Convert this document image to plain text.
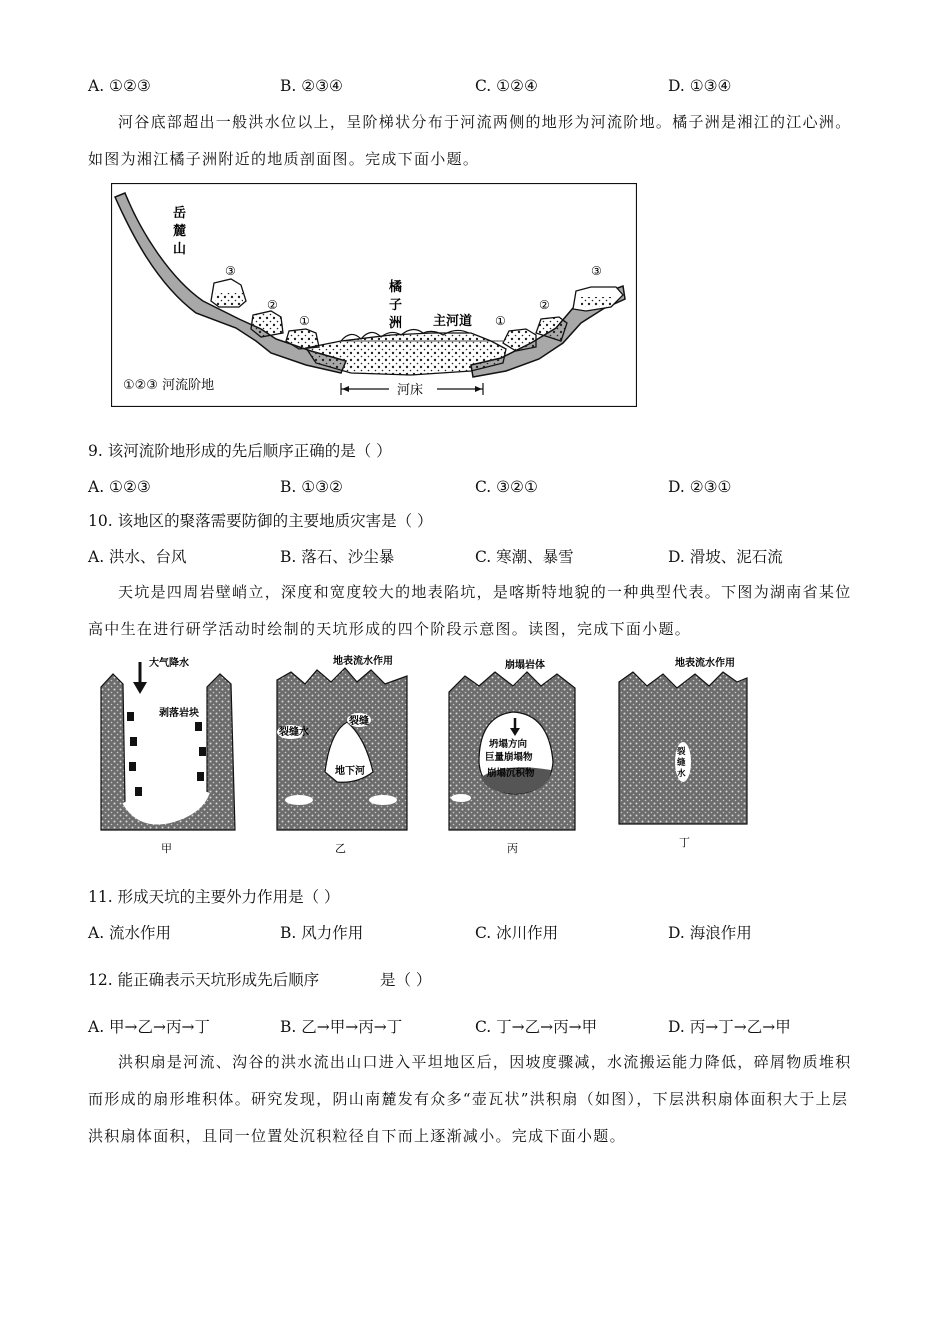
A. ①②③	B. ②③④	C. ①②④	D. ①③④
河谷底部超出一般洪水位以上，呈阶梯状分布于河流两侧的地形为河流阶地。橘子洲是湘江的江心洲。如图为湘江橘子洲附近的地质剖面图。完成下面小题。
岳
麓
山
橘
子
洲 主河道
河床
①②③ 河流阶地
③
②
①	①
②
③
9. 该河流阶地形成的先后顺序正确的是（ ）
A. ①②③	B. ①③②	C. ③②①	D. ②③①
10. 该地区的聚落需要防御的主要地质灾害是（ ）
A. 洪水、台风	B. 落石、沙尘暴	C. 寒潮、暴雪	D. 滑坡、泥石流
天坑是四周岩壁峭立，深度和宽度较大的地表陷坑，是喀斯特地貌的一种典型代表。下图为湖南省某位高中生在进行研学活动时绘制的天坑形成的四个阶段示意图。读图，完成下面小题。
大气降水
剥落岩块
甲
地表流水作用
裂缝水
裂缝
地下河
乙
崩塌岩体
坍塌方向
巨量崩塌物
崩塌沉积物
丙
地表流水作用
裂
缝
水
丁
11. 形成天坑的主要外力作用是（ ）
A. 流水作用	B. 风力作用	C. 冰川作用	D. 海浪作用
12. 能正确表示天坑形成先后顺序	是（ ）
A. 甲→乙→丙→丁	B. 乙→甲→丙→丁	C. 丁→乙→丙→甲	D. 丙→丁→乙→甲
洪积扇是河流、沟谷的洪水流出山口进入平坦地区后，因坡度骤减，水流搬运能力降低，碎屑物质堆积而形成的扇形堆积体。研究发现，阴山南麓发有众多“壶瓦状”洪积扇（如图），下层洪积扇体面积大于上层洪积扇体面积，且同一位置处沉积粒径自下而上逐渐减小。完成下面小题。
